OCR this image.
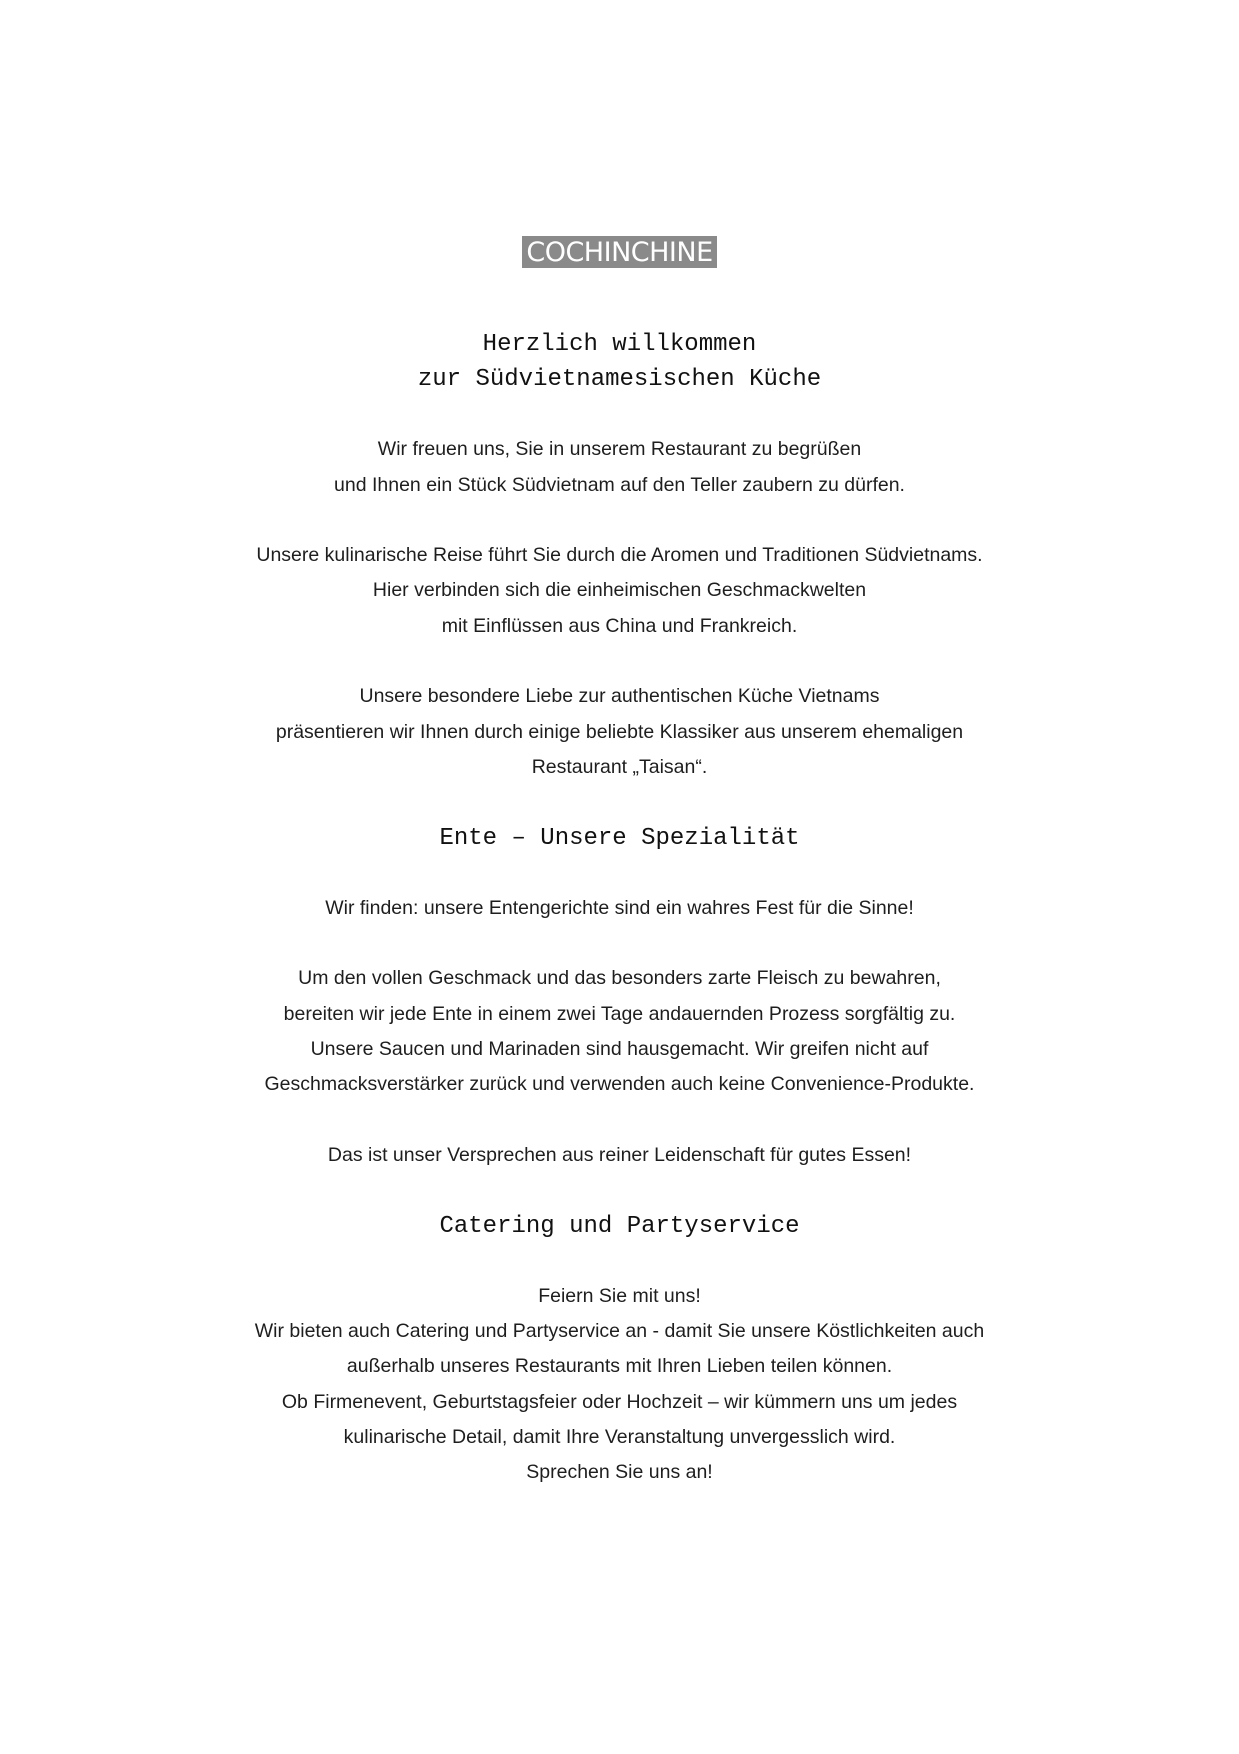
COCHINCHINE
Herzlich willkommen
zur Südvietnamesischen Küche

Wir freuen uns, Sie in unserem Restaurant zu begrüßen

und Ihnen ein Stück Südvietnam auf den Teller zaubern zu dürfen.

Unsere kulinarische Reise führt Sie durch die Aromen und Traditionen Südvietnams.

Hier verbinden sich die einheimischen Geschmackwelten

mit Einflüssen aus China und Frankreich.

Unsere besondere Liebe zur authentischen Küche Vietnams

präsentieren wir Ihnen durch einige beliebte Klassiker aus unserem ehemaligen

Restaurant „Taisan“.

Ente – Unsere Spezialität

Wir finden: unsere Entengerichte sind ein wahres Fest für die Sinne!

Um den vollen Geschmack und das besonders zarte Fleisch zu bewahren,

bereiten wir jede Ente in einem zwei Tage andauernden Prozess sorgfältig zu.

Unsere Saucen und Marinaden sind hausgemacht. Wir greifen nicht auf

Geschmacksverstärker zurück und verwenden auch keine Convenience-Produkte.

Das ist unser Versprechen aus reiner Leidenschaft für gutes Essen!

Catering und Partyservice

Feiern Sie mit uns!

Wir bieten auch Catering und Partyservice an - damit Sie unsere Köstlichkeiten auch

außerhalb unseres Restaurants mit Ihren Lieben teilen können.

Ob Firmenevent, Geburtstagsfeier oder Hochzeit – wir kümmern uns um jedes

kulinarische Detail, damit Ihre Veranstaltung unvergesslich wird.

Sprechen Sie uns an!
